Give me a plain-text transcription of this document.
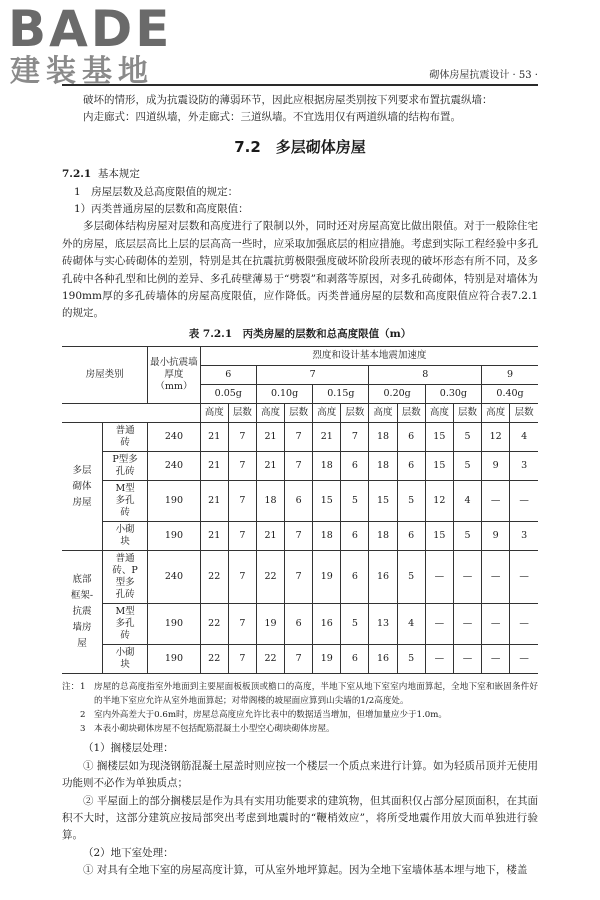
BADE
建装基地	砌体房屋抗震设计 · 53 ·

破坏的情形，成为抗震设防的薄弱环节，因此应根据房屋类别按下列要求布置抗震纵墙：

内走廊式：四道纵墙，外走廊式：三道纵墙。不宜选用仅有两道纵墙的结构布置。

7.2　多层砌体房屋

7.2.1 基本规定

1　房屋层数及总高度限值的规定：

1）丙类普通房屋的层数和高度限值：

多层砌体结构房屋对层数和高度进行了限制以外，同时还对房屋高宽比做出限值。对于一般除住宅外的房屋，底层层高比上层的层高高一些时，应采取加强底层的相应措施。考虑到实际工程经验中多孔砖砌体与实心砖砌体的差别，特别是其在抗震抗剪极限强度破坏阶段所表现的破坏形态有所不同，及多孔砖中各种孔型和比例的差异、多孔砖壁薄易于“劈裂”和剥落等原因，对多孔砖砌体，特别是对墙体为190mm厚的多孔砖墙体的房屋高度限值，应作降低。丙类普通房屋的层数和高度限值应符合表7.2.1的规定。

表 7.2.1　丙类房屋的层数和总高度限值（m）

房屋类别		最小抗震墙厚度（mm）	烈度和设计基本地震加速度											
			6		7				8				9	
			0.05g		0.10g		0.15g		0.20g		0.30g		0.40g	
			高度	层数	高度	层数	高度	层数	高度	层数	高度	层数	高度	层数
多层砌体房屋	普通砖	240	21	7	21	7	21	7	18	6	15	5	12	4
	P型多孔砖	240	21	7	21	7	18	6	18	6	15	5	9	3
	M型多孔砖	190	21	7	18	6	15	5	15	5	12	4	—	—
	小砌块	190	21	7	21	7	18	6	18	6	15	5	9	3
底部框架-抗震墙房屋	普通砖、P型多孔砖	240	22	7	22	7	19	6	16	5	—	—	—	—
	M型多孔砖	190	22	7	19	6	16	5	13	4	—	—	—	—
	小砌块	190	22	7	22	7	19	6	16	5	—	—	—	—
注： 1 房屋的总高度指室外地面到主要屋面板板顶或檐口的高度，半地下室从地下室室内地面算起，全地下室和嵌固条件好的半地下室应允许从室外地面算起；对带阁楼的坡屋面应算到山尖墙的1/2高度处。
2 室内外高差大于0.6m时，房屋总高度应允许比表中的数据适当增加，但增加量应少于1.0m。
3 本表小砌块砌体房屋不包括配筋混凝土小型空心砌块砌体房屋。

（1）搁楼层处理：

① 搁楼层如为现浇钢筋混凝土屋盖时则应按一个楼层一个质点来进行计算。如为轻质吊顶并无使用功能则不必作为单独质点；

② 平屋面上的部分搁楼层是作为具有实用功能要求的建筑物，但其面积仅占部分屋顶面积，在其面积不大时，这部分建筑应按局部突出考虑到地震时的“鞭梢效应”，将所受地震作用放大而单独进行验算。

（2）地下室处理：

① 对具有全地下室的房屋高度计算，可从室外地坪算起。因为全地下室墙体基本埋与地下，楼盖
